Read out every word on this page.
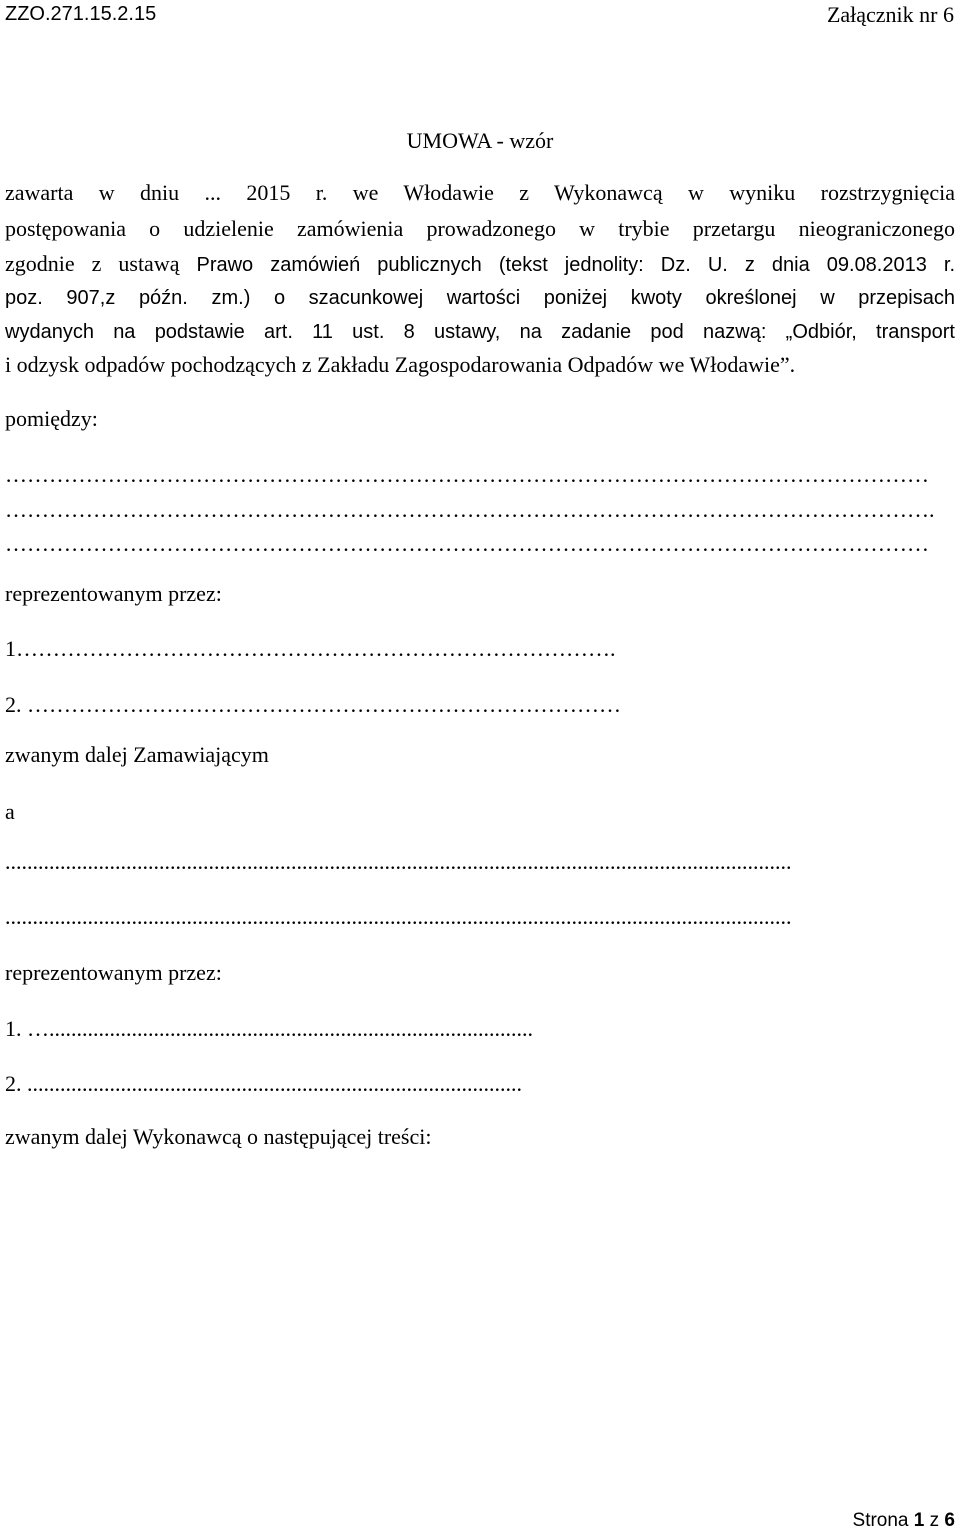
ZZO.271.15.2.15	Załącznik nr 6
UMOWA - wzór
zawarta w dniu ... 2015 r. we Włodawie z Wykonawcą w wyniku rozstrzygnięcia
postępowania o udzielenie zamówienia prowadzonego w trybie przetargu nieograniczonego
zgodnie z ustawą Prawo zamówień publicznych (tekst jednolity: Dz. U. z dnia 09.08.2013 r.
poz. 907,z późn. zm.) o szacunkowej wartości poniżej kwoty określonej w przepisach
wydanych na podstawie art. 11 ust. 8 ustawy, na zadanie pod nazwą: „Odbiór, transport
i odzysk odpadów pochodzących z Zakładu Zagospodarowania Odpadów we Włodawie”.
pomiędzy:
………………………………………………………………………………………………………………
……………………………………………………………………………………………………………….
………………………………………………………………………………………………………………
reprezentowanym przez:
1……………………………………………………………………….
2. ………………………………………………………………………
zwanym dalej Zamawiającym
a
...............................................................................................................................................
...............................................................................................................................................
reprezentowanym przez:
1. …........................................................................................
2. ..........................................................................................
zwanym dalej Wykonawcą o następującej treści:
Strona 1 z 6
